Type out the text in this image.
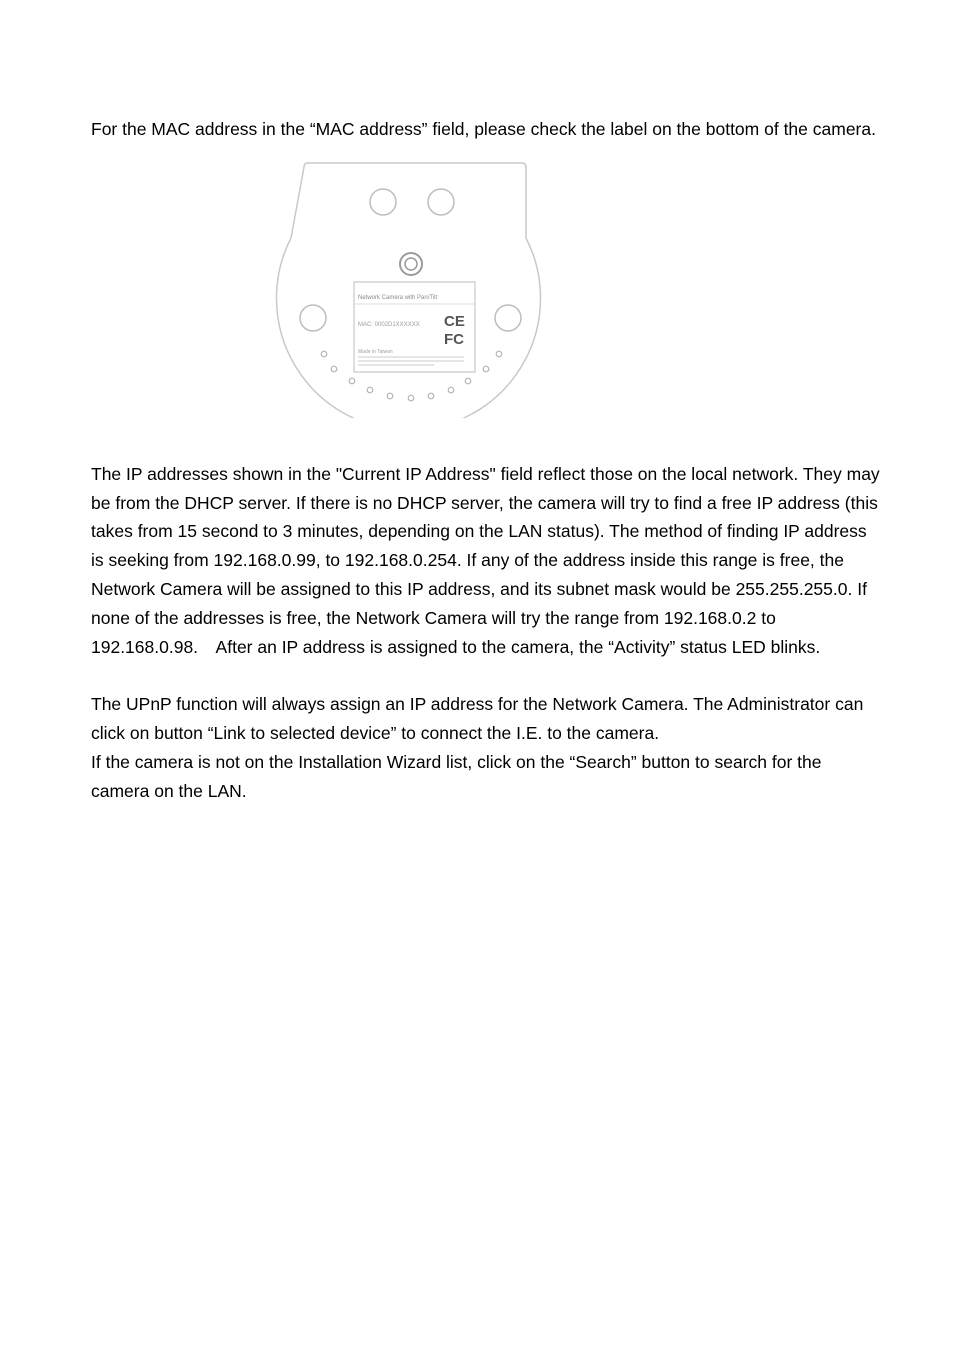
For the MAC address in the “MAC address” field, please check the label on the bottom of the camera.

Network Camera with Pan/Tilt
MAC: 0002D1XXXXXX CE
FC
Made in Taiwan

The IP addresses shown in the "Current IP Address" field reflect those on the local network. They may be from the DHCP server. If there is no DHCP server, the camera will try to find a free IP address (this takes from 15 second to 3 minutes, depending on the LAN status). The method of finding IP address is seeking from 192.168.0.99, to 192.168.0.254. If any of the address inside this range is free, the Network Camera will be assigned to this IP address, and its subnet mask would be 255.255.255.0. If none of the addresses is free, the Network Camera will try the range from 192.168.0.2 to 192.168.0.98.　After an IP address is assigned to the camera, the “Activity” status LED blinks.

The UPnP function will always assign an IP address for the Network Camera. The Administrator can click on button “Link to selected device” to connect the I.E. to the camera.

If the camera is not on the Installation Wizard list, click on the “Search” button to search for the camera on the LAN.
